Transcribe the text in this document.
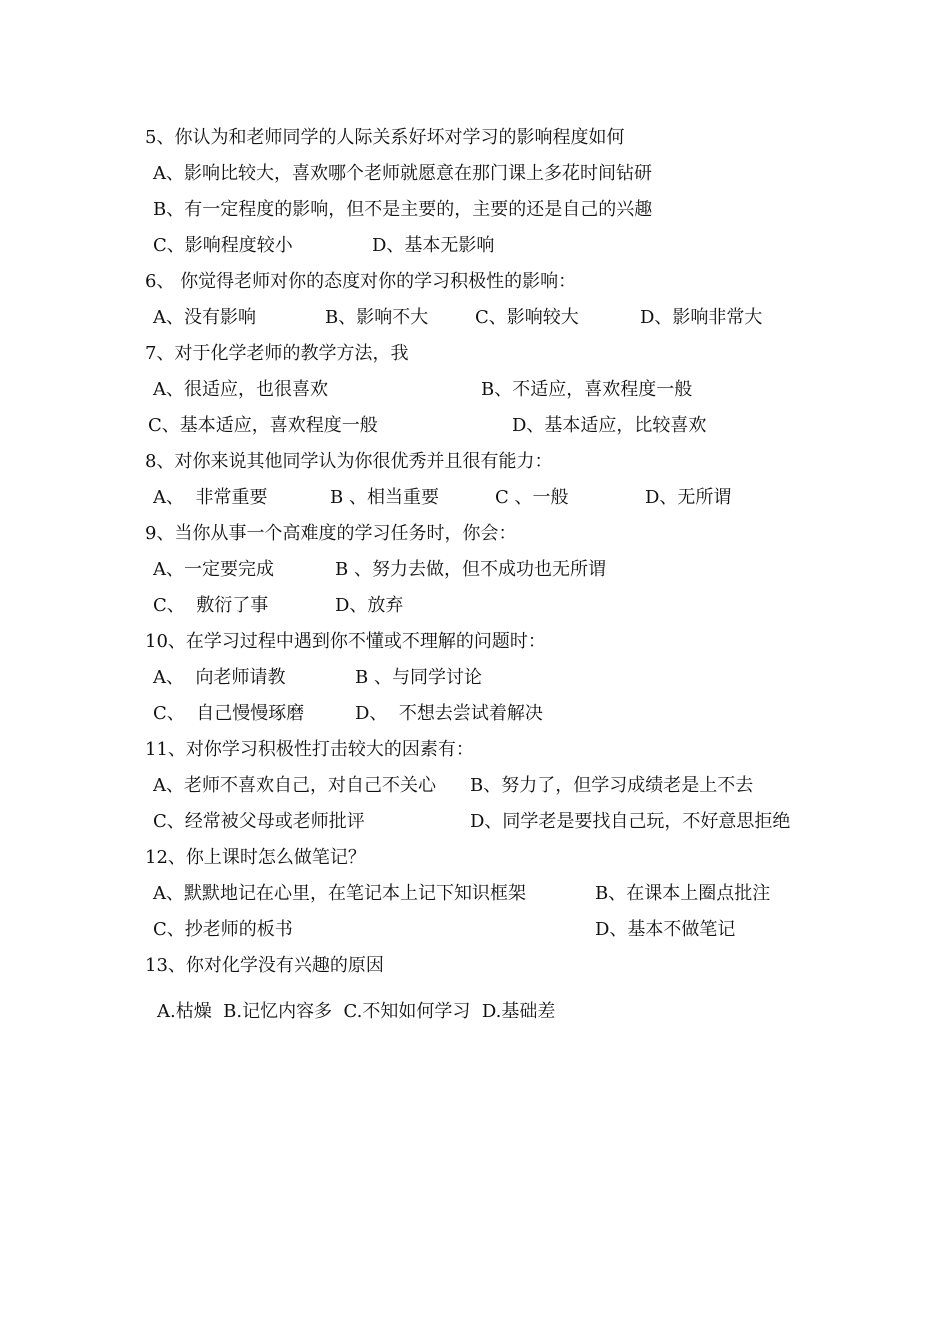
5、你认为和老师同学的人际关系好坏对学习的影响程度如何
A、影响比较大，喜欢哪个老师就愿意在那门课上多花时间钻研
B、有一定程度的影响，但不是主要的，主要的还是自己的兴趣
C、影响程度较小	D、基本无影响
6、 你觉得老师对你的态度对你的学习积极性的影响：
A、没有影响	B、影响不大	C、影响较大	D、影响非常大
7、对于化学老师的教学方法，我
A、很适应，也很喜欢	B、不适应，喜欢程度一般
C、基本适应，喜欢程度一般	D、基本适应，比较喜欢
8、对你来说其他同学认为你很优秀并且很有能力：
A、  非常重要	B 、相当重要	C 、一般	D、无所谓
9、当你从事一个高难度的学习任务时，你会：
A、一定要完成	B 、努力去做，但不成功也无所谓
C、  敷衍了事	D、放弃
10、在学习过程中遇到你不懂或不理解的问题时：
A、  向老师请教	B 、与同学讨论
C、  自己慢慢琢磨	D、  不想去尝试着解决
11、对你学习积极性打击较大的因素有：
A、老师不喜欢自己，对自己不关心 B、努力了，但学习成绩老是上不去
C、经常被父母或老师批评	D、同学老是要找自己玩，不好意思拒绝
12、你上课时怎么做笔记？
A、默默地记在心里，在笔记本上记下知识框架	B、在课本上圈点批注
C、抄老师的板书	D、基本不做笔记
13、你对化学没有兴趣的原因
A.枯燥  B.记忆内容多  C.不知如何学习  D.基础差
